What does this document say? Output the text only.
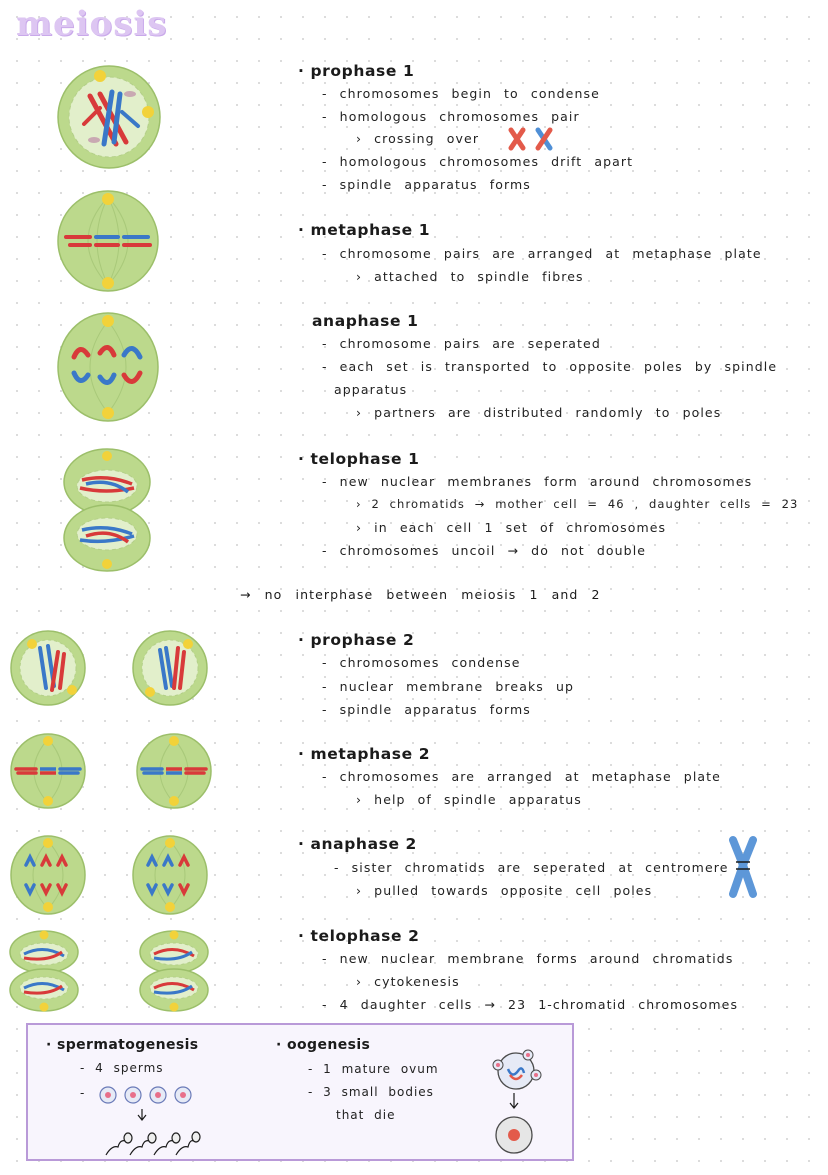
meiosis
· prophase 1
- chromosomes begin to condense
- homologous chromosomes pair
› crossing over
- homologous chromosomes drift apart
- spindle apparatus forms
· metaphase 1
- chromosome pairs are arranged at metaphase plate
› attached to spindle fibres
anaphase 1
- chromosome pairs are seperated
- each set is transported to opposite poles by spindle
apparatus
› partners are distributed randomly to poles
· telophase 1
- new nuclear membranes form around chromosomes
› 2 chromatids → mother cell = 46 , daughter cells = 23
› in each cell 1 set of chromosomes
- chromosomes uncoil → do not double
→ no interphase between meiosis 1 and 2
· prophase 2
- chromosomes condense
- nuclear membrane breaks up
- spindle apparatus forms
· metaphase 2
- chromosomes are arranged at metaphase plate
› help of spindle apparatus
· anaphase 2
- sister chromatids are seperated at centromere
› pulled towards opposite cell poles
· telophase 2
- new nuclear membrane forms around chromatids
› cytokenesis
- 4 daughter cells → 23 1-chromatid chromosomes
· spermatogenesis
- 4 sperms
-
· oogenesis
- 1 mature ovum
- 3 small bodies
that die
